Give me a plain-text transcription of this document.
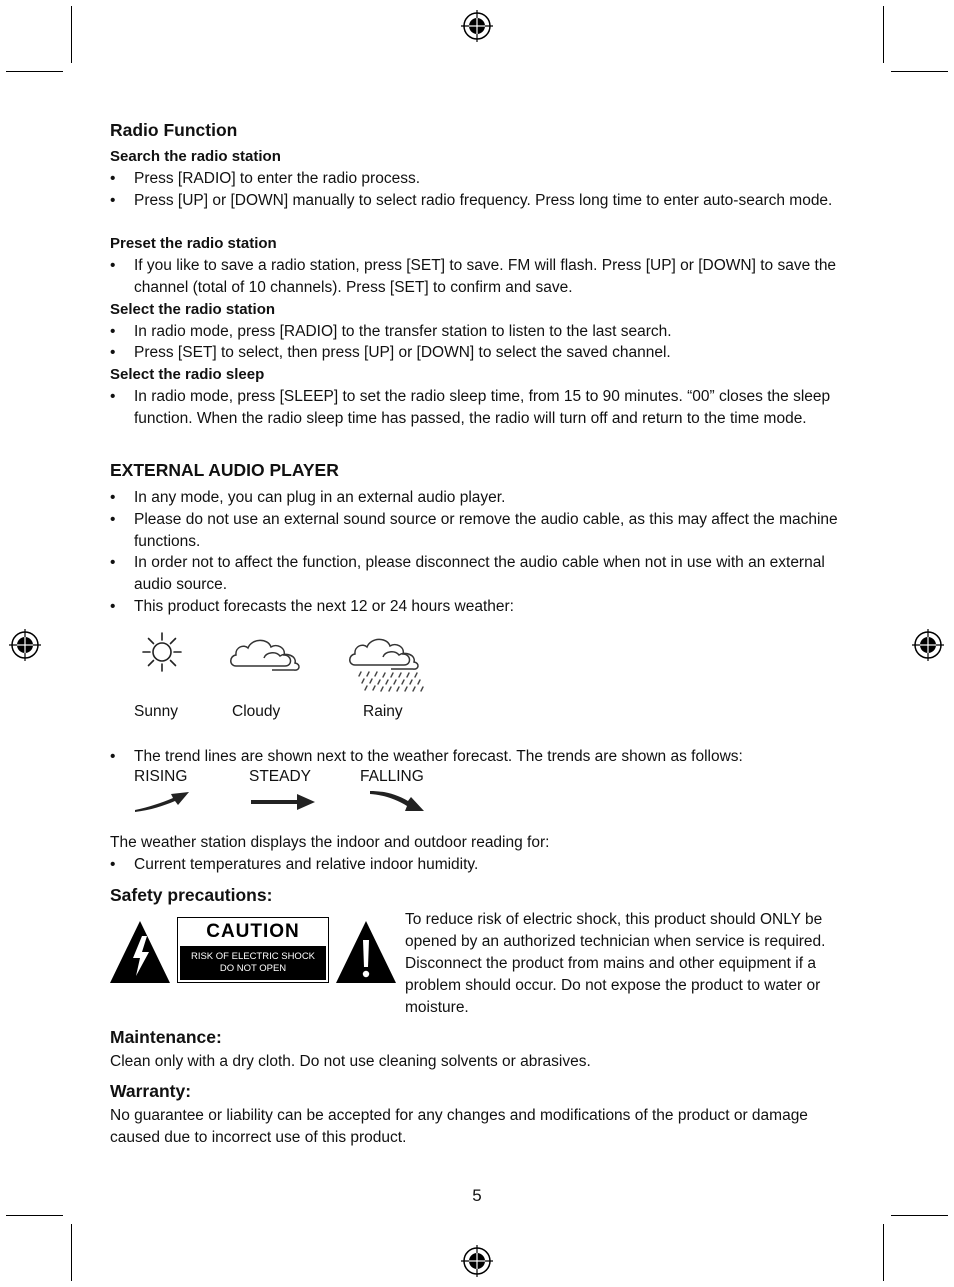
Radio Function
Search the radio station
•	Press [RADIO] to enter the radio process.
•	Press [UP] or [DOWN] manually to select radio frequency. Press long time to enter auto-search mode.
Preset the radio station
•	If you like to save a radio station, press [SET] to save. FM will flash. Press [UP] or [DOWN] to save the channel (total of 10 channels). Press [SET] to confirm and save.
Select the radio station
•	In radio mode, press [RADIO] to the transfer station to listen to the last search.
•	Press [SET] to select, then press [UP] or [DOWN] to select the saved channel.
Select the radio sleep
•	In radio mode, press [SLEEP] to set the radio sleep time, from 15 to 90 minutes. “00” closes the sleep function. When the radio sleep time has passed, the radio will turn off and return to the time mode.
EXTERNAL AUDIO PLAYER
•	In any mode, you can plug in an external audio player.
•	Please do not use an external sound source or remove the audio cable, as this may affect the machine functions.
•	In order not to affect the function, please disconnect the audio cable when not in use with an external audio source.
•	This product forecasts the next 12 or 24 hours weather:
Sunny	Cloudy	Rainy
•	The trend lines are shown next to the weather forecast. The trends are shown as follows:
RISING	STEADY	FALLING
The weather station displays the indoor and outdoor reading for:
•	Current temperatures and relative indoor humidity.
Safety precautions:
CAUTION
RISK OF ELECTRIC SHOCK
DO NOT OPEN
To reduce risk of electric shock, this product should ONLY be opened by an authorized technician when service is required. Disconnect the product from mains and other equipment if a problem should occur. Do not expose the product to water or moisture.
Maintenance:
Clean only with a dry cloth. Do not use cleaning solvents or abrasives.
Warranty:
No guarantee or liability can be accepted for any changes and modifications of the product or damage caused due to incorrect use of this product.
5
